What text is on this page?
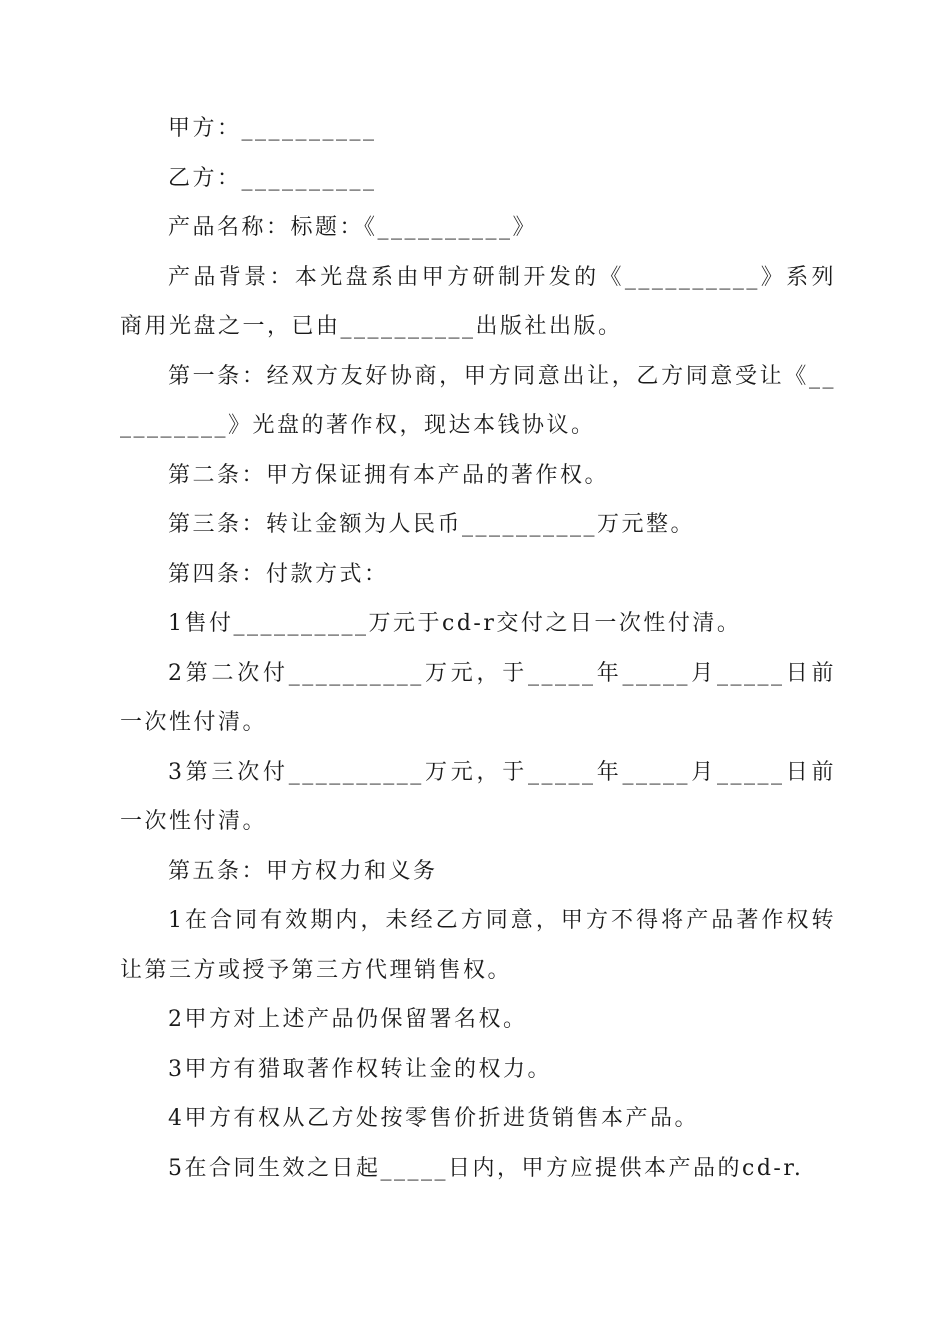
甲方：__________

乙方：__________

产品名称：标题：《__________》

产品背景：本光盘系由甲方研制开发的《__________》系列商用光盘之一，已由__________出版社出版。

第一条：经双方友好协商，甲方同意出让，乙方同意受让《__________》光盘的著作权，现达本钱协议。

第二条：甲方保证拥有本产品的著作权。

第三条：转让金额为人民币__________万元整。

第四条：付款方式：

1售付__________万元于cd-r交付之日一次性付清。

2第二次付__________万元，于_____年_____月_____日前一次性付清。

3第三次付__________万元，于_____年_____月_____日前一次性付清。

第五条：甲方权力和义务

1在合同有效期内，未经乙方同意，甲方不得将产品著作权转让第三方或授予第三方代理销售权。

2甲方对上述产品仍保留署名权。

3甲方有猎取著作权转让金的权力。

4甲方有权从乙方处按零售价折进货销售本产品。

5在合同生效之日起_____日内，甲方应提供本产品的cd-r.
